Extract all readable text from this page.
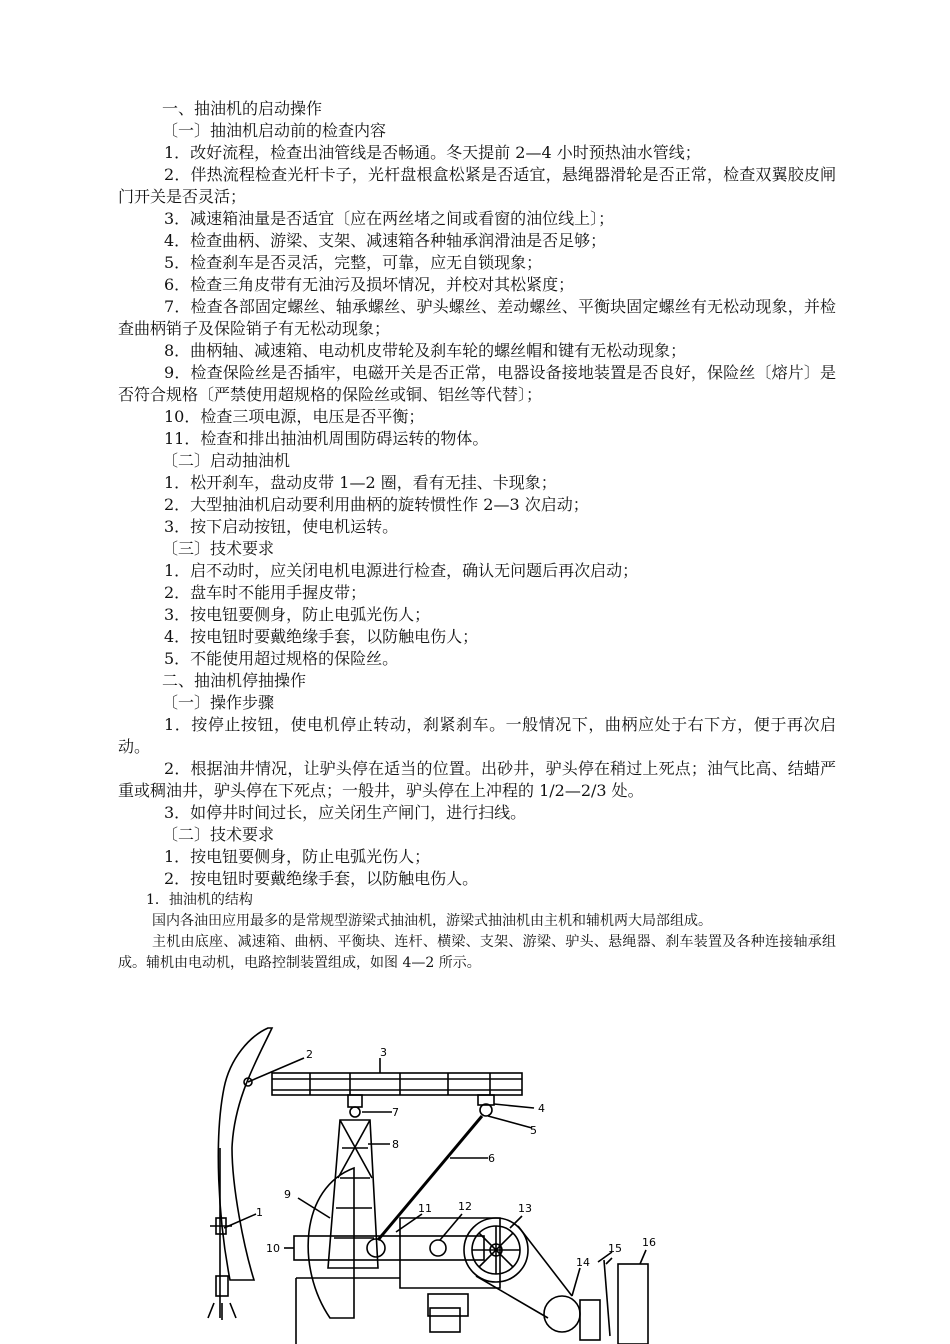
一、抽油机的启动操作
〔一〕抽油机启动前的检查内容
1．改好流程，检查出油管线是否畅通。冬天提前 2—4 小时预热油水管线；
2．伴热流程检查光杆卡子，光杆盘根盒松紧是否适宜，悬绳器滑轮是否正常，检查双翼胶皮闸门开关是否灵活；
3．减速箱油量是否适宜〔应在两丝堵之间或看窗的油位线上〕；
4．检查曲柄、游梁、支架、减速箱各种轴承润滑油是否足够；
5．检查刹车是否灵活，完整，可靠，应无自锁现象；
6．检查三角皮带有无油污及损坏情况，并校对其松紧度；
7．检查各部固定螺丝、轴承螺丝、驴头螺丝、差动螺丝、平衡块固定螺丝有无松动现象，并检查曲柄销子及保险销子有无松动现象；
8．曲柄轴、减速箱、电动机皮带轮及刹车轮的螺丝帽和键有无松动现象；
9．检查保险丝是否插牢，电磁开关是否正常，电器设备接地装置是否良好，保险丝〔熔片〕是否符合规格〔严禁使用超规格的保险丝或铜、铝丝等代替〕；
10．检查三项电源，电压是否平衡；
11．检查和排出抽油机周围防碍运转的物体。
〔二〕启动抽油机
1．松开刹车，盘动皮带 1—2 圈，看有无挂、卡现象；
2．大型抽油机启动要利用曲柄的旋转惯性作 2—3 次启动；
3．按下启动按钮，使电机运转。
〔三〕技术要求
1．启不动时，应关闭电机电源进行检查，确认无问题后再次启动；
2．盘车时不能用手握皮带；
3．按电钮要侧身，防止电弧光伤人；
4．按电钮时要戴绝缘手套，以防触电伤人；
5．不能使用超过规格的保险丝。
二、抽油机停抽操作
〔一〕操作步骤
1．按停止按钮，使电机停止转动，刹紧刹车。一般情况下，曲柄应处于右下方，便于再次启动。
2．根据油井情况，让驴头停在适当的位置。出砂井，驴头停在稍过上死点；油气比高、结蜡严重或稠油井，驴头停在下死点；一般井，驴头停在上冲程的 1/2—2/3 处。
3．如停井时间过长，应关闭生产闸门，进行扫线。
〔二〕技术要求
1．按电钮要侧身，防止电弧光伤人；
2．按电钮时要戴绝缘手套，以防触电伤人。
1．抽油机的结构
国内各油田应用最多的是常规型游梁式抽油机，游梁式抽油机由主机和辅机两大局部组成。
主机由底座、减速箱、曲柄、平衡块、连杆、横梁、支架、游梁、驴头、悬绳器、刹车装置及各种连接轴承组成。辅机由电动机，电路控制装置组成，如图 4—2 所示。
1
2	3
4
5
6
7
8
9
10
11 12	13
14
15 16
